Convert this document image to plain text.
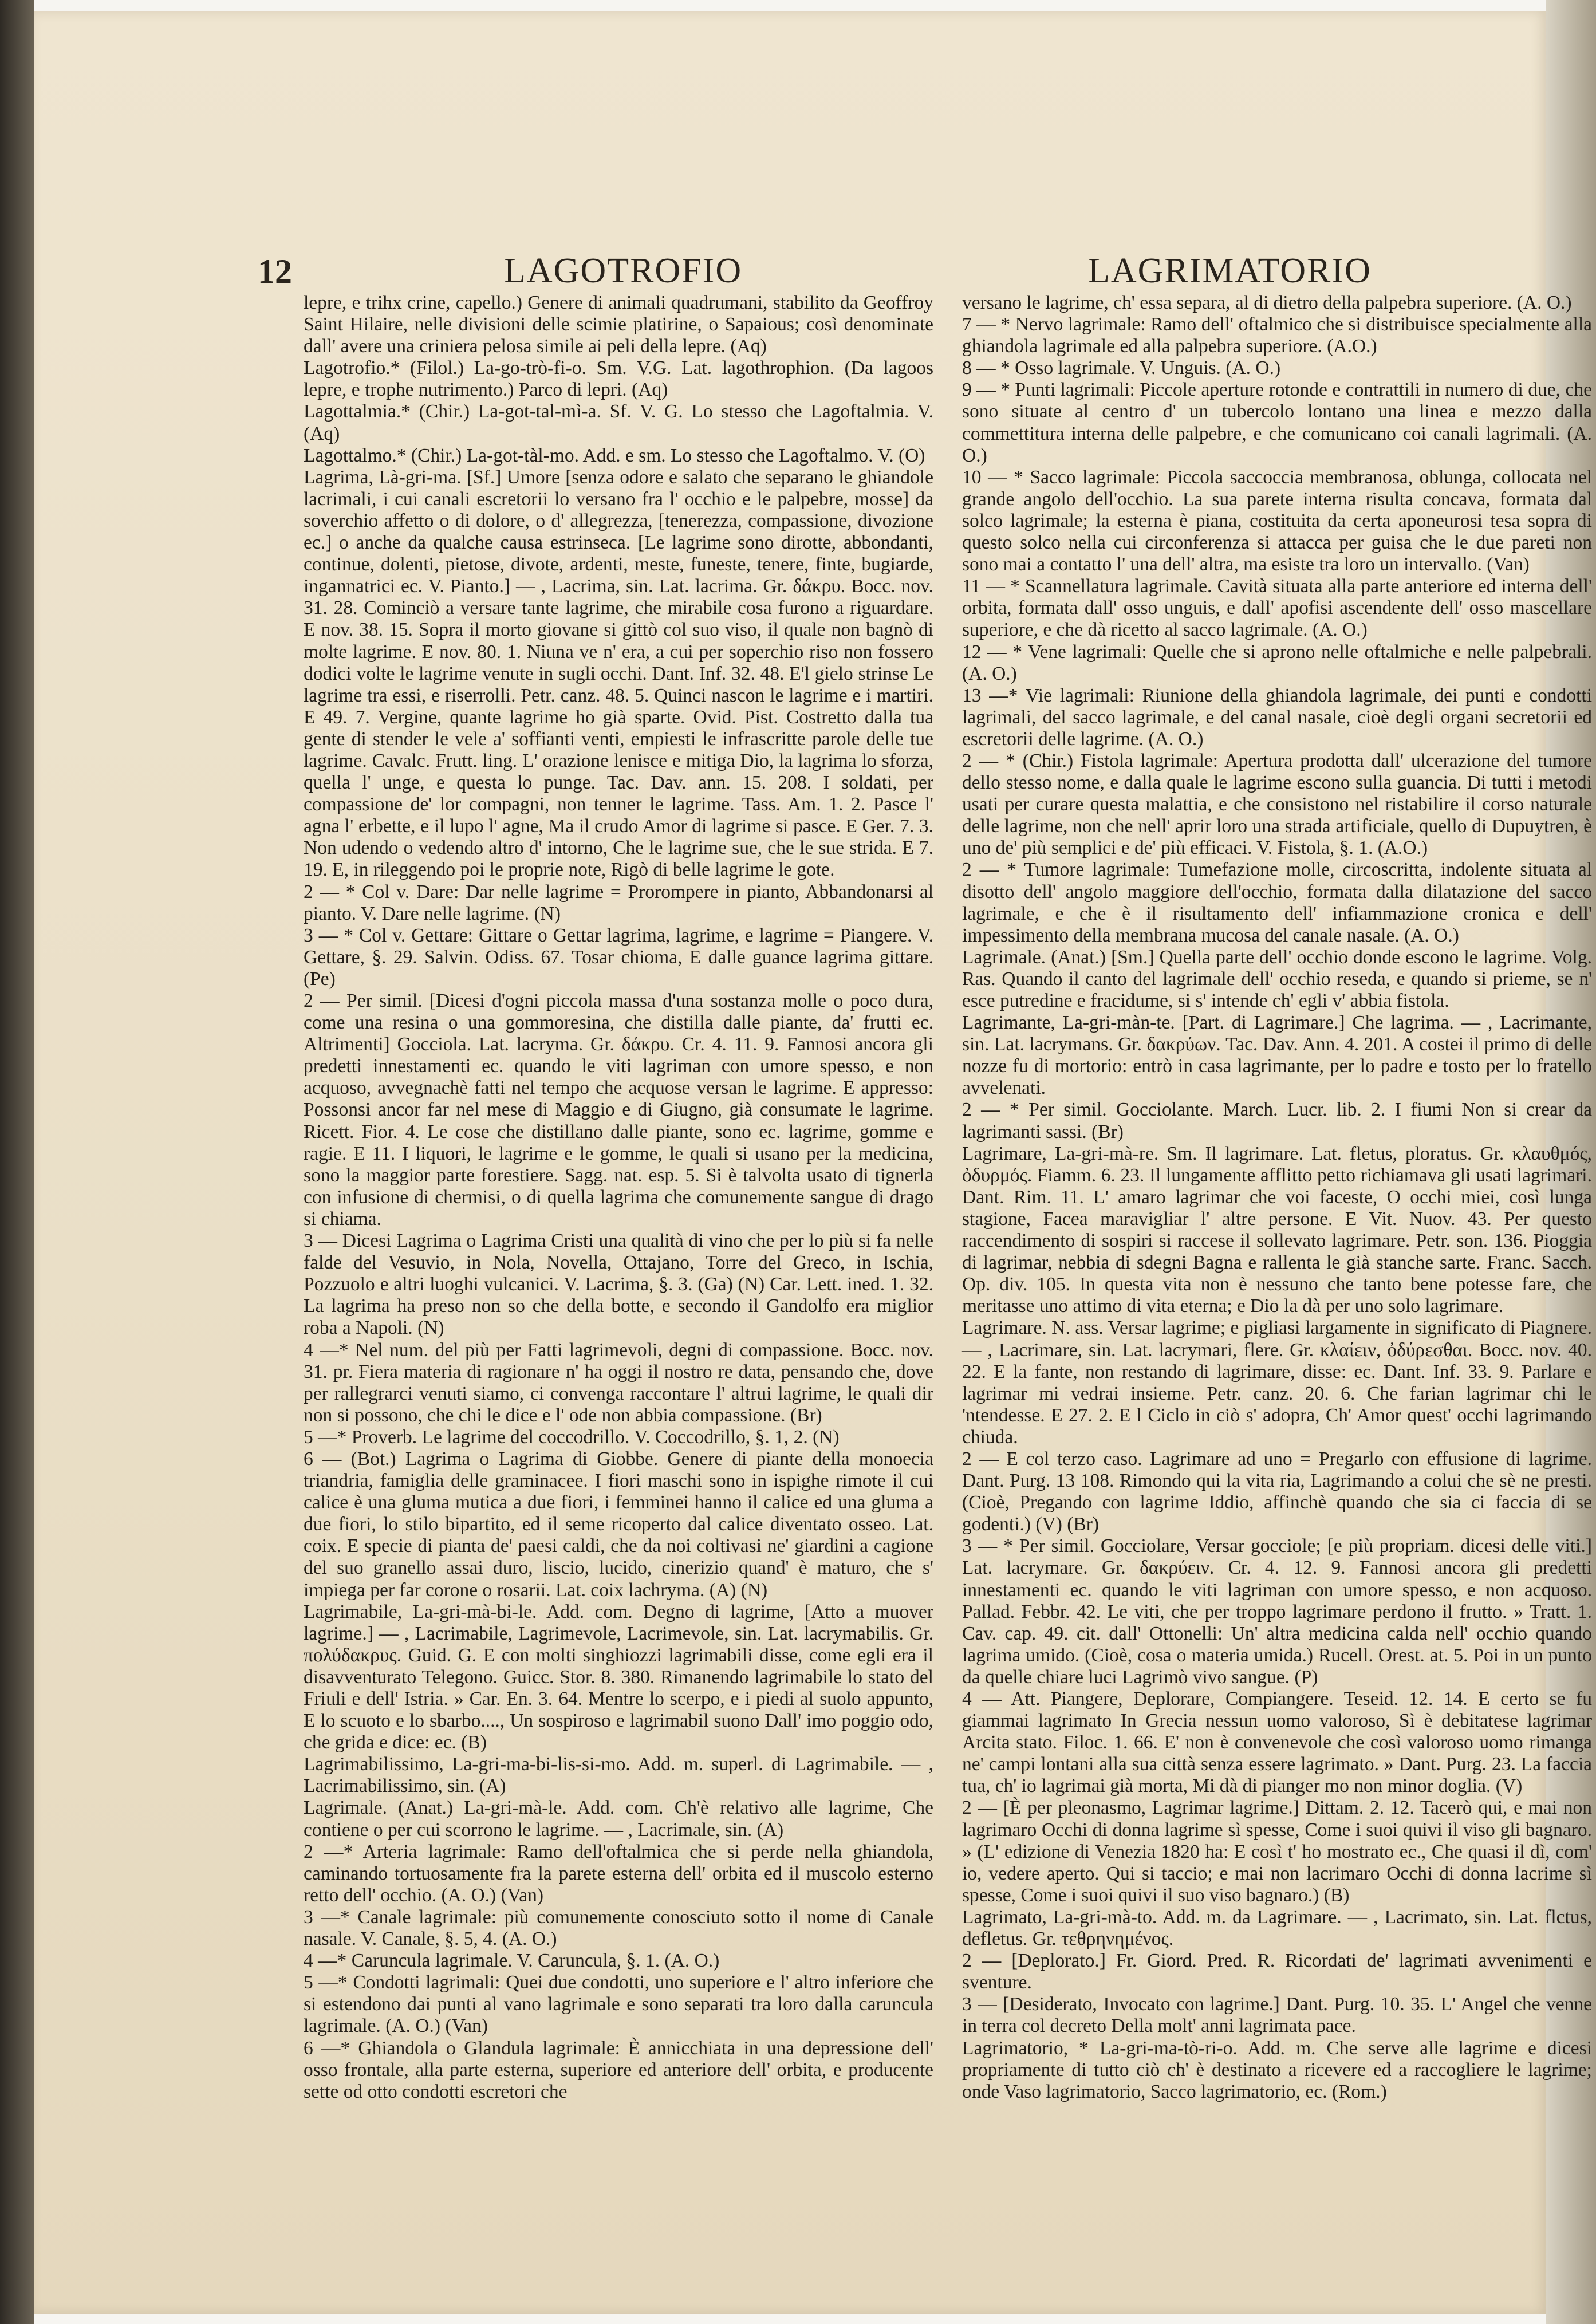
12	LAGOTROFIO	LAGRIMATORIO

lepre, e trihx crine, capello.) Genere di animali quadrumani, stabilito da Geoffroy Saint Hilaire, nelle divisioni delle scimie platirine, o Sapaious; così denominate dall' avere una criniera pelosa simile ai peli della lepre. (Aq)

Lagotrofio.* (Filol.) La-go-trò-fi-o. Sm. V.G. Lat. lagothrophion. (Da lagoos lepre, e trophe nutrimento.) Parco di lepri. (Aq)

Lagottalmia.* (Chir.) La-got-tal-mì-a. Sf. V. G. Lo stesso che Lagoftalmia. V. (Aq)

Lagottalmo.* (Chir.) La-got-tàl-mo. Add. e sm. Lo stesso che Lagoftalmo. V. (O)

Lagrima, Là-gri-ma. [Sf.] Umore [senza odore e salato che separano le ghiandole lacrimali, i cui canali escretorii lo versano fra l' occhio e le palpebre, mosse] da soverchio affetto o di dolore, o d' allegrezza, [tenerezza, compassione, divozione ec.] o anche da qualche causa estrinseca. [Le lagrime sono dirotte, abbondanti, continue, dolenti, pietose, divote, ardenti, meste, funeste, tenere, finte, bugiarde, ingannatrici ec. V. Pianto.] — , Lacrima, sin. Lat. lacrima. Gr. δάκρυ. Bocc. nov. 31. 28. Cominciò a versare tante lagrime, che mirabile cosa furono a riguardare. E nov. 38. 15. Sopra il morto giovane si gittò col suo viso, il quale non bagnò di molte lagrime. E nov. 80. 1. Niuna ve n' era, a cui per soperchio riso non fossero dodici volte le lagrime venute in sugli occhi. Dant. Inf. 32. 48. E'l gielo strinse Le lagrime tra essi, e riserrolli. Petr. canz. 48. 5. Quinci nascon le lagrime e i martiri. E 49. 7. Vergine, quante lagrime ho già sparte. Ovid. Pist. Costretto dalla tua gente di stender le vele a' soffianti venti, empiesti le infrascritte parole delle tue lagrime. Cavalc. Frutt. ling. L' orazione lenisce e mitiga Dio, la lagrima lo sforza, quella l' unge, e questa lo punge. Tac. Dav. ann. 15. 208. I soldati, per compassione de' lor compagni, non tenner le lagrime. Tass. Am. 1. 2. Pasce l' agna l' erbette, e il lupo l' agne, Ma il crudo Amor di lagrime si pasce. E Ger. 7. 3. Non udendo o vedendo altro d' intorno, Che le lagrime sue, che le sue strida. E 7. 19. E, in rileggendo poi le proprie note, Rigò di belle lagrime le gote.

2 — * Col v. Dare: Dar nelle lagrime = Prorompere in pianto, Abbandonarsi al pianto. V. Dare nelle lagrime. (N)

3 — * Col v. Gettare: Gittare o Gettar lagrima, lagrime, e lagrime = Piangere. V. Gettare, §. 29. Salvin. Odiss. 67. Tosar chioma, E dalle guance lagrima gittare. (Pe)

2 — Per simil. [Dicesi d'ogni piccola massa d'una sostanza molle o poco dura, come una resina o una gommoresina, che distilla dalle piante, da' frutti ec. Altrimenti] Gocciola. Lat. lacryma. Gr. δάκρυ. Cr. 4. 11. 9. Fannosi ancora gli predetti innestamenti ec. quando le viti lagriman con umore spesso, e non acquoso, avvegnachè fatti nel tempo che acquose versan le lagrime. E appresso: Possonsi ancor far nel mese di Maggio e di Giugno, già consumate le lagrime. Ricett. Fior. 4. Le cose che distillano dalle piante, sono ec. lagrime, gomme e ragie. E 11. I liquori, le lagrime e le gomme, le quali si usano per la medicina, sono la maggior parte forestiere. Sagg. nat. esp. 5. Si è talvolta usato di tignerla con infusione di chermisi, o di quella lagrima che comunemente sangue di drago si chiama.

3 — Dicesi Lagrima o Lagrima Cristi una qualità di vino che per lo più si fa nelle falde del Vesuvio, in Nola, Novella, Ottajano, Torre del Greco, in Ischia, Pozzuolo e altri luoghi vulcanici. V. Lacrima, §. 3. (Ga) (N) Car. Lett. ined. 1. 32. La lagrima ha preso non so che della botte, e secondo il Gandolfo era miglior roba a Napoli. (N)

4 —* Nel num. del più per Fatti lagrimevoli, degni di compassione. Bocc. nov. 31. pr. Fiera materia di ragionare n' ha oggi il nostro re data, pensando che, dove per rallegrarci venuti siamo, ci convenga raccontare l' altrui lagrime, le quali dir non si possono, che chi le dice e l' ode non abbia compassione. (Br)

5 —* Proverb. Le lagrime del coccodrillo. V. Coccodrillo, §. 1, 2. (N)

6 — (Bot.) Lagrima o Lagrima di Giobbe. Genere di piante della monoecia triandria, famiglia delle graminacee. I fiori maschi sono in ispighe rimote il cui calice è una gluma mutica a due fiori, i femminei hanno il calice ed una gluma a due fiori, lo stilo bipartito, ed il seme ricoperto dal calice diventato osseo. Lat. coix. E specie di pianta de' paesi caldi, che da noi coltivasi ne' giardini a cagione del suo granello assai duro, liscio, lucido, cinerizio quand' è maturo, che s' impiega per far corone o rosarii. Lat. coix lachryma. (A) (N)

Lagrimabile, La-gri-mà-bi-le. Add. com. Degno di lagrime, [Atto a muover lagrime.] — , Lacrimabile, Lagrimevole, Lacrimevole, sin. Lat. lacrymabilis. Gr. πολύδακρυς. Guid. G. E con molti singhiozzi lagrimabili disse, come egli era il disavventurato Telegono. Guicc. Stor. 8. 380. Rimanendo lagrimabile lo stato del Friuli e dell' Istria. » Car. En. 3. 64. Mentre lo scerpo, e i piedi al suolo appunto, E lo scuoto e lo sbarbo...., Un sospiroso e lagrimabil suono Dall' imo poggio odo, che grida e dice: ec. (B)

Lagrimabilissimo, La-gri-ma-bi-lis-si-mo. Add. m. superl. di Lagrimabile. — , Lacrimabilissimo, sin. (A)

Lagrimale. (Anat.) La-gri-mà-le. Add. com. Ch'è relativo alle lagrime, Che contiene o per cui scorrono le lagrime. — , Lacrimale, sin. (A)

2 —* Arteria lagrimale: Ramo dell'oftalmica che si perde nella ghiandola, caminando tortuosamente fra la parete esterna dell' orbita ed il muscolo esterno retto dell' occhio. (A. O.) (Van)

3 —* Canale lagrimale: più comunemente conosciuto sotto il nome di Canale nasale. V. Canale, §. 5, 4. (A. O.)

4 —* Caruncula lagrimale. V. Caruncula, §. 1. (A. O.)

5 —* Condotti lagrimali: Quei due condotti, uno superiore e l' altro inferiore che si estendono dai punti al vano lagrimale e sono separati tra loro dalla caruncula lagrimale. (A. O.) (Van)

6 —* Ghiandola o Glandula lagrimale: È annicchiata in una depressione dell' osso frontale, alla parte esterna, superiore ed anteriore dell' orbita, e producente sette od otto condotti escretori che

versano le lagrime, ch' essa separa, al di dietro della palpebra superiore. (A. O.)

7 — * Nervo lagrimale: Ramo dell' oftalmico che si distribuisce specialmente alla ghiandola lagrimale ed alla palpebra superiore. (A.O.)

8 — * Osso lagrimale. V. Unguis. (A. O.)

9 — * Punti lagrimali: Piccole aperture rotonde e contrattili in numero di due, che sono situate al centro d' un tubercolo lontano una linea e mezzo dalla commettitura interna delle palpebre, e che comunicano coi canali lagrimali. (A. O.)

10 — * Sacco lagrimale: Piccola saccoccia membranosa, oblunga, collocata nel grande angolo dell'occhio. La sua parete interna risulta concava, formata dal solco lagrimale; la esterna è piana, costituita da certa aponeurosi tesa sopra di questo solco nella cui circonferenza si attacca per guisa che le due pareti non sono mai a contatto l' una dell' altra, ma esiste tra loro un intervallo. (Van)

11 — * Scannellatura lagrimale. Cavità situata alla parte anteriore ed interna dell' orbita, formata dall' osso unguis, e dall' apofisi ascendente dell' osso mascellare superiore, e che dà ricetto al sacco lagrimale. (A. O.)

12 — * Vene lagrimali: Quelle che si aprono nelle oftalmiche e nelle palpebrali. (A. O.)

13 —* Vie lagrimali: Riunione della ghiandola lagrimale, dei punti e condotti lagrimali, del sacco lagrimale, e del canal nasale, cioè degli organi secretorii ed escretorii delle lagrime. (A. O.)

2 — * (Chir.) Fistola lagrimale: Apertura prodotta dall' ulcerazione del tumore dello stesso nome, e dalla quale le lagrime escono sulla guancia. Di tutti i metodi usati per curare questa malattia, e che consistono nel ristabilire il corso naturale delle lagrime, non che nell' aprir loro una strada artificiale, quello di Dupuytren, è uno de' più semplici e de' più efficaci. V. Fistola, §. 1. (A.O.)

2 — * Tumore lagrimale: Tumefazione molle, circoscritta, indolente situata al disotto dell' angolo maggiore dell'occhio, formata dalla dilatazione del sacco lagrimale, e che è il risultamento dell' infiammazione cronica e dell' impessimento della membrana mucosa del canale nasale. (A. O.)

Lagrimale. (Anat.) [Sm.] Quella parte dell' occhio donde escono le lagrime. Volg. Ras. Quando il canto del lagrimale dell' occhio reseda, e quando si prieme, se n' esce putredine e fracidume, si s' intende ch' egli v' abbia fistola.

Lagrimante, La-gri-màn-te. [Part. di Lagrimare.] Che lagrima. — , Lacrimante, sin. Lat. lacrymans. Gr. δακρύων. Tac. Dav. Ann. 4. 201. A costei il primo di delle nozze fu di mortorio: entrò in casa lagrimante, per lo padre e tosto per lo fratello avvelenati.

2 — * Per simil. Gocciolante. March. Lucr. lib. 2. I fiumi Non si crear da lagrimanti sassi. (Br)

Lagrimare, La-gri-mà-re. Sm. Il lagrimare. Lat. fletus, ploratus. Gr. κλαυθμός, ὀδυρμός. Fiamm. 6. 23. Il lungamente afflitto petto richiamava gli usati lagrimari. Dant. Rim. 11. L' amaro lagrimar che voi faceste, O occhi miei, così lunga stagione, Facea maravigliar l' altre persone. E Vit. Nuov. 43. Per questo raccendimento di sospiri si raccese il sollevato lagrimare. Petr. son. 136. Pioggia di lagrimar, nebbia di sdegni Bagna e rallenta le già stanche sarte. Franc. Sacch. Op. div. 105. In questa vita non è nessuno che tanto bene potesse fare, che meritasse uno attimo di vita eterna; e Dio la dà per uno solo lagrimare.

Lagrimare. N. ass. Versar lagrime; e pigliasi largamente in significato di Piagnere. — , Lacrimare, sin. Lat. lacrymari, flere. Gr. κλαίειν, ὀδύρεσθαι. Bocc. nov. 40. 22. E la fante, non restando di lagrimare, disse: ec. Dant. Inf. 33. 9. Parlare e lagrimar mi vedrai insieme. Petr. canz. 20. 6. Che farian lagrimar chi le 'ntendesse. E 27. 2. E l Ciclo in ciò s' adopra, Ch' Amor quest' occhi lagrimando chiuda.

2 — E col terzo caso. Lagrimare ad uno = Pregarlo con effusione di lagrime. Dant. Purg. 13 108. Rimondo qui la vita ria, Lagrimando a colui che sè ne presti. (Cioè, Pregando con lagrime Iddio, affinchè quando che sia ci faccia di se godenti.) (V) (Br)

3 — * Per simil. Gocciolare, Versar gocciole; [e più propriam. dicesi delle viti.] Lat. lacrymare. Gr. δακρύειν. Cr. 4. 12. 9. Fannosi ancora gli predetti innestamenti ec. quando le viti lagriman con umore spesso, e non acquoso. Pallad. Febbr. 42. Le viti, che per troppo lagrimare perdono il frutto. » Tratt. 1. Cav. cap. 49. cit. dall' Ottonelli: Un' altra medicina calda nell' occhio quando lagrima umido. (Cioè, cosa o materia umida.) Rucell. Orest. at. 5. Poi in un punto da quelle chiare luci Lagrimò vivo sangue. (P)

4 — Att. Piangere, Deplorare, Compiangere. Teseid. 12. 14. E certo se fu giammai lagrimato In Grecia nessun uomo valoroso, Sì è debitatese lagrimar Arcita stato. Filoc. 1. 66. E' non è convenevole che così valoroso uomo rimanga ne' campi lontani alla sua città senza essere lagrimato. » Dant. Purg. 23. La faccia tua, ch' io lagrimai già morta, Mi dà di pianger mo non minor doglia. (V)

2 — [È per pleonasmo, Lagrimar lagrime.] Dittam. 2. 12. Tacerò qui, e mai non lagrimaro Occhi di donna lagrime sì spesse, Come i suoi quivi il viso gli bagnaro. » (L' edizione di Venezia 1820 ha: E così t' ho mostrato ec., Che quasi il dì, com' io, vedere aperto. Qui si taccio; e mai non lacrimaro Occhi di donna lacrime sì spesse, Come i suoi quivi il suo viso bagnaro.) (B)

Lagrimato, La-gri-mà-to. Add. m. da Lagrimare. — , Lacrimato, sin. Lat. flctus, defletus. Gr. τεθρηνημένος.

2 — [Deplorato.] Fr. Giord. Pred. R. Ricordati de' lagrimati avvenimenti e sventure.

3 — [Desiderato, Invocato con lagrime.] Dant. Purg. 10. 35. L' Angel che venne in terra col decreto Della molt' anni lagrimata pace.

Lagrimatorio, * La-gri-ma-tò-ri-o. Add. m. Che serve alle lagrime e dicesi propriamente di tutto ciò ch' è destinato a ricevere ed a raccogliere le lagrime; onde Vaso lagrimatorio, Sacco lagrimatorio, ec. (Rom.)
